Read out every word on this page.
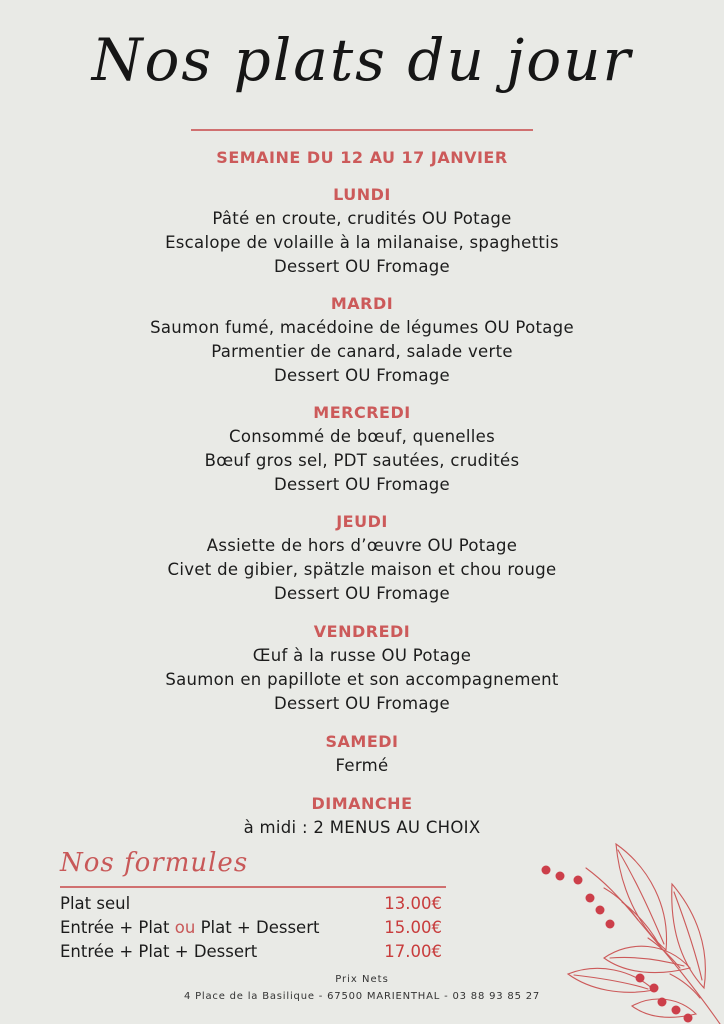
Nos plats du jour
SEMAINE DU 12 AU 17 JANVIER
LUNDI
Pâté en croute, crudités OU Potage
Escalope de volaille à la milanaise, spaghettis
Dessert OU Fromage
MARDI
Saumon fumé, macédoine de légumes OU Potage
Parmentier de canard, salade verte
Dessert OU Fromage
MERCREDI
Consommé de bœuf, quenelles
Bœuf gros sel, PDT sautées, crudités
Dessert OU Fromage
JEUDI
Assiette de hors d’œuvre OU Potage
Civet de gibier, spätzle maison et chou rouge
Dessert OU Fromage
VENDREDI
Œuf à la russe OU Potage
Saumon en papillote et son accompagnement
Dessert OU Fromage
SAMEDI
Fermé
DIMANCHE
à midi : 2 MENUS AU CHOIX
Nos formules
Plat seul	13.00€
Entrée + Plat ou Plat + Dessert	15.00€
Entrée + Plat + Dessert	17.00€
Prix Nets
4 Place de la Basilique - 67500 MARIENTHAL - 03 88 93 85 27
